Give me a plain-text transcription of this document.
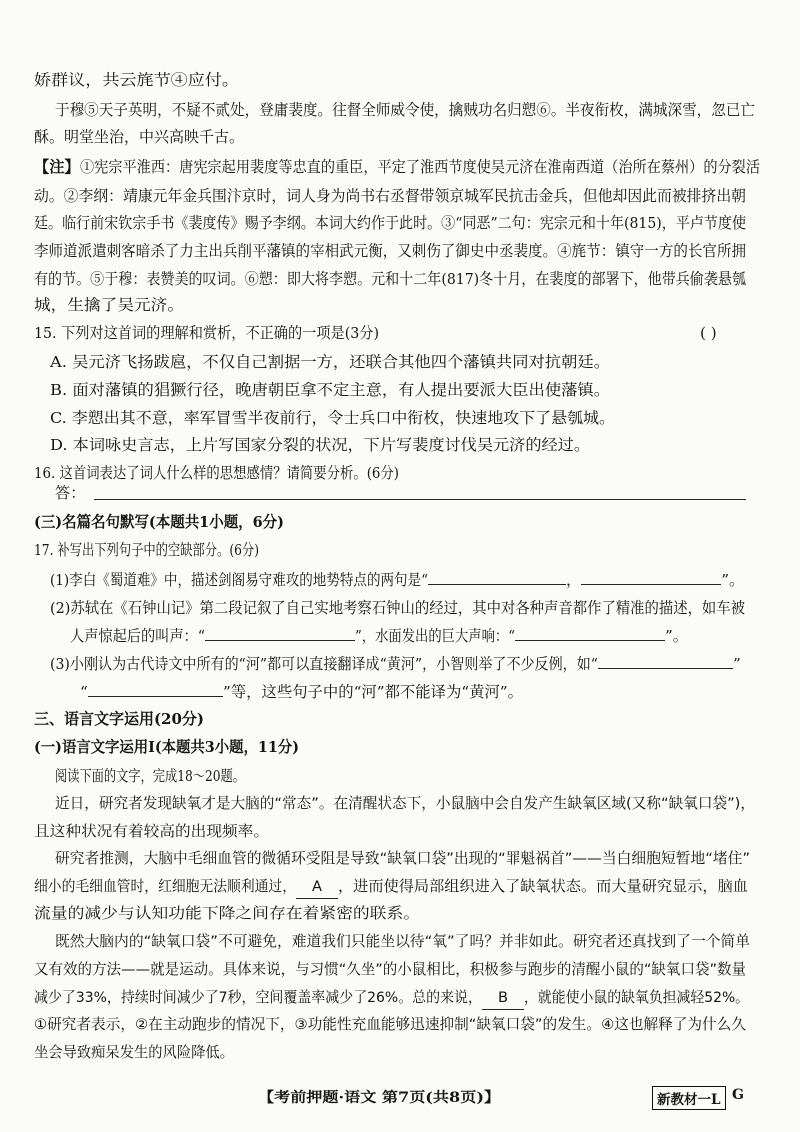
娇群议，共云旄节④应付。
于穆⑤天子英明，不疑不贰处，登庸裴度。往督全师威令使，擒贼功名归愬⑥。半夜衔枚，满城深雪，忽已亡
酥。明堂坐治，中兴高映千古。
【注】①宪宗平淮西：唐宪宗起用裴度等忠直的重臣，平定了淮西节度使吴元济在淮南西道（治所在蔡州）的分裂活
动。②李纲：靖康元年金兵围汴京时，词人身为尚书右丞督带领京城军民抗击金兵，但他却因此而被排挤出朝
廷。临行前宋钦宗手书《裴度传》赐予李纲。本词大约作于此时。③“同恶”二句：宪宗元和十年(815)，平卢节度使
李师道派遣刺客暗杀了力主出兵削平藩镇的宰相武元衡，又刺伤了御史中丞裴度。④旄节：镇守一方的长官所拥
有的节。⑤于穆：表赞美的叹词。⑥愬：即大将李愬。元和十二年(817)冬十月，在裴度的部署下，他带兵偷袭悬瓠
城，生擒了吴元济。
15. 下列对这首词的理解和赏析，不正确的一项是(3分)	( )
A. 吴元济飞扬跋扈，不仅自己割据一方，还联合其他四个藩镇共同对抗朝廷。
B. 面对藩镇的猖獗行径，晚唐朝臣拿不定主意，有人提出要派大臣出使藩镇。
C. 李愬出其不意，率军冒雪半夜前行，令士兵口中衔枚，快速地攻下了悬瓠城。
D. 本词咏史言志，上片写国家分裂的状况，下片写裴度讨伐吴元济的经过。
16. 这首词表达了词人什么样的思想感情？请简要分析。(6分)
答：
(三)名篇名句默写(本题共1小题，6分)
17. 补写出下列句子中的空缺部分。(6分)
(1)李白《蜀道难》中，描述剑阁易守难攻的地势特点的两句是“	，	”。
(2)苏轼在《石钟山记》第二段记叙了自己实地考察石钟山的经过，其中对各种声音都作了精准的描述，如车被
人声惊起后的叫声：“	”，水面发出的巨大声响：“	”。
(3)小刚认为古代诗文中所有的“河”都可以直接翻译成“黄河”，小智则举了不少反例，如“	”
“	”等，这些句子中的“河”都不能译为“黄河”。
三、语言文字运用(20分)
(一)语言文字运用Ⅰ(本题共3小题，11分)
阅读下面的文字，完成18～20题。
近日，研究者发现缺氧才是大脑的“常态”。在清醒状态下，小鼠脑中会自发产生缺氧区域(又称“缺氧口袋”)，
且这种状况有着较高的出现频率。
研究者推测，大脑中毛细血管的微循环受阻是导致“缺氧口袋”出现的“罪魁祸首”——当白细胞短暂地“堵住”
细小的毛细血管时，红细胞无法顺利通过， A ，进而使得局部组织进入了缺氧状态。而大量研究显示，脑血
流量的减少与认知功能下降之间存在着紧密的联系。
既然大脑内的“缺氧口袋”不可避免，难道我们只能坐以待“氧”了吗？并非如此。研究者还真找到了一个简单
又有效的方法——就是运动。具体来说，与习惯“久坐”的小鼠相比，积极参与跑步的清醒小鼠的“缺氧口袋”数量
减少了33%，持续时间减少了7秒，空间覆盖率减少了26%。总的来说， B ，就能使小鼠的缺氧负担减轻52%。
①研究者表示，②在主动跑步的情况下，③功能性充血能够迅速抑制“缺氧口袋”的发生。④这也解释了为什么久
坐会导致痴呆发生的风险降低。
【考前押题·语文 第7页(共8页)】	新教材一L G
